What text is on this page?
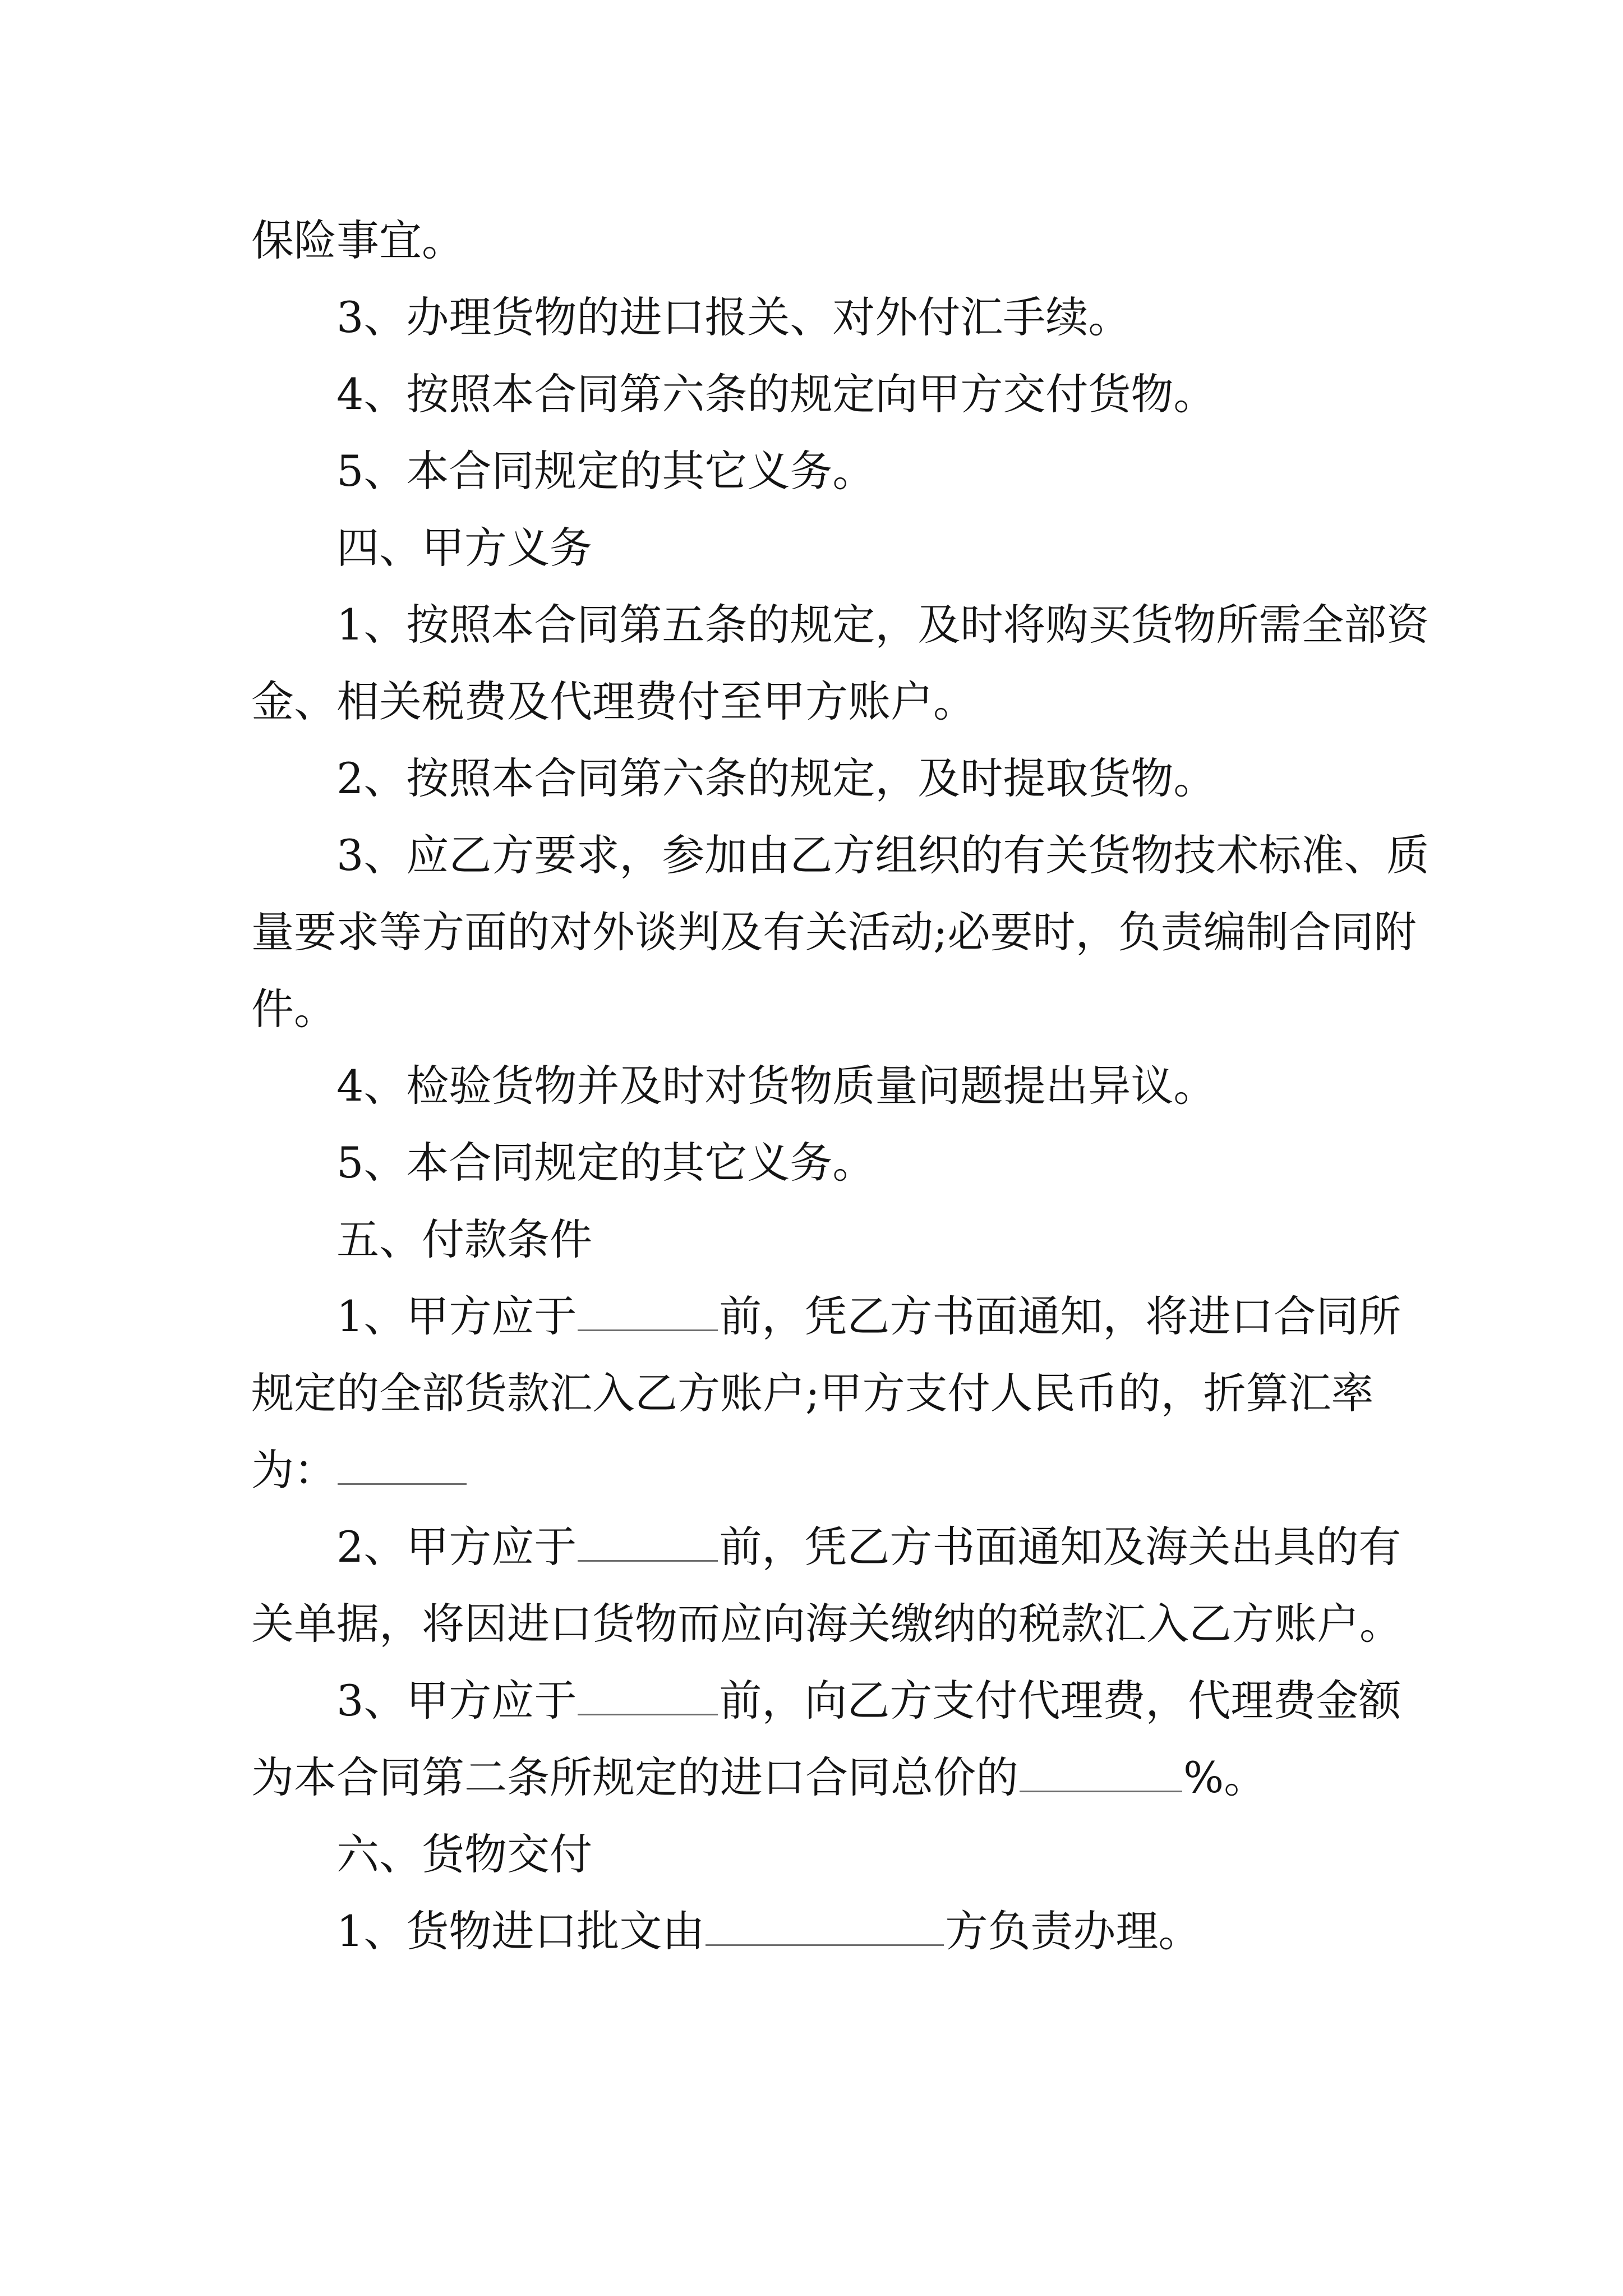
保险事宜。

3、办理货物的进口报关、对外付汇手续。

4、按照本合同第六条的规定向甲方交付货物。

5、本合同规定的其它义务。

四、甲方义务

1、按照本合同第五条的规定，及时将购买货物所需全部资金、相关税费及代理费付至甲方账户。

2、按照本合同第六条的规定，及时提取货物。

3、应乙方要求，参加由乙方组织的有关货物技术标准、质量要求等方面的对外谈判及有关活动;必要时，负责编制合同附件。

4、检验货物并及时对货物质量问题提出异议。

5、本合同规定的其它义务。

五、付款条件

1、甲方应于	前，凭乙方书面通知，将进口合同所规定的全部货款汇入乙方账户;甲方支付人民币的，折算汇率为：

2、甲方应于	前，凭乙方书面通知及海关出具的有关单据，将因进口货物而应向海关缴纳的税款汇入乙方账户。

3、甲方应于	前，向乙方支付代理费，代理费金额为本合同第二条所规定的进口合同总价的	%。

六、货物交付

1、货物进口批文由	方负责办理。
